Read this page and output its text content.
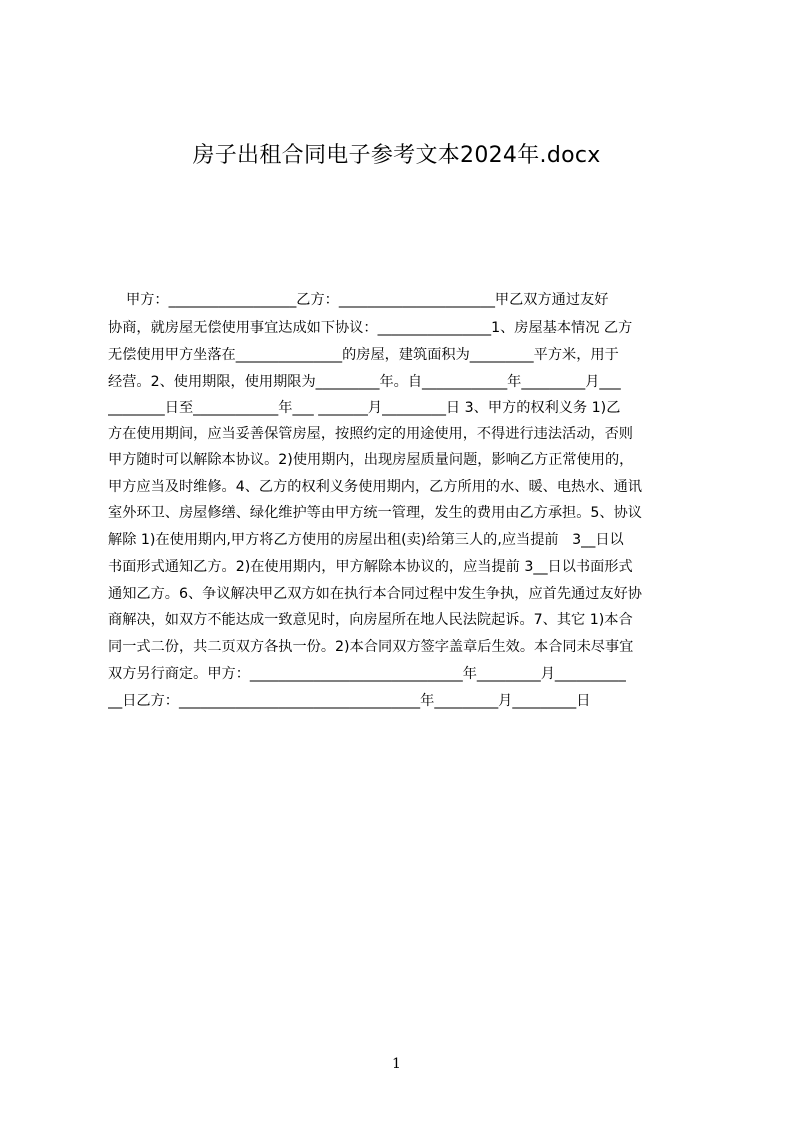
房子出租合同电子参考文本2024年.docx
甲方：__________________乙方：______________________甲乙双方通过友好
协商，就房屋无偿使用事宜达成如下协议：________________1、房屋基本情况 乙方
无偿使用甲方坐落在_______________的房屋，建筑面积为_________平方米，用于
经营。2、使用期限，使用期限为_________年。自____________年_________月___
________日至____________年___ _______月_________日 3、甲方的权利义务 1)乙
方在使用期间，应当妥善保管房屋，按照约定的用途使用，不得进行违法活动，否则
甲方随时可以解除本协议。2)使用期内，出现房屋质量问题，影响乙方正常使用的，
甲方应当及时维修。4、乙方的权利义务使用期内，乙方所用的水、暖、电热水、通讯
室外环卫、房屋修缮、绿化维护等由甲方统一管理，发生的费用由乙方承担。5、协议
解除 1)在使用期内,甲方将乙方使用的房屋出租(卖)给第三人的,应当提前   3__日以
书面形式通知乙方。2)在使用期内，甲方解除本协议的，应当提前 3__日以书面形式
通知乙方。6、争议解决甲乙双方如在执行本合同过程中发生争执，应首先通过友好协
商解决，如双方不能达成一致意见时，向房屋所在地人民法院起诉。7、其它 1)本合
同一式二份，共二页双方各执一份。2)本合同双方签字盖章后生效。本合同未尽事宜
双方另行商定。甲方：______________________________年_________月__________
__日乙方：__________________________________年_________月_________日
1
